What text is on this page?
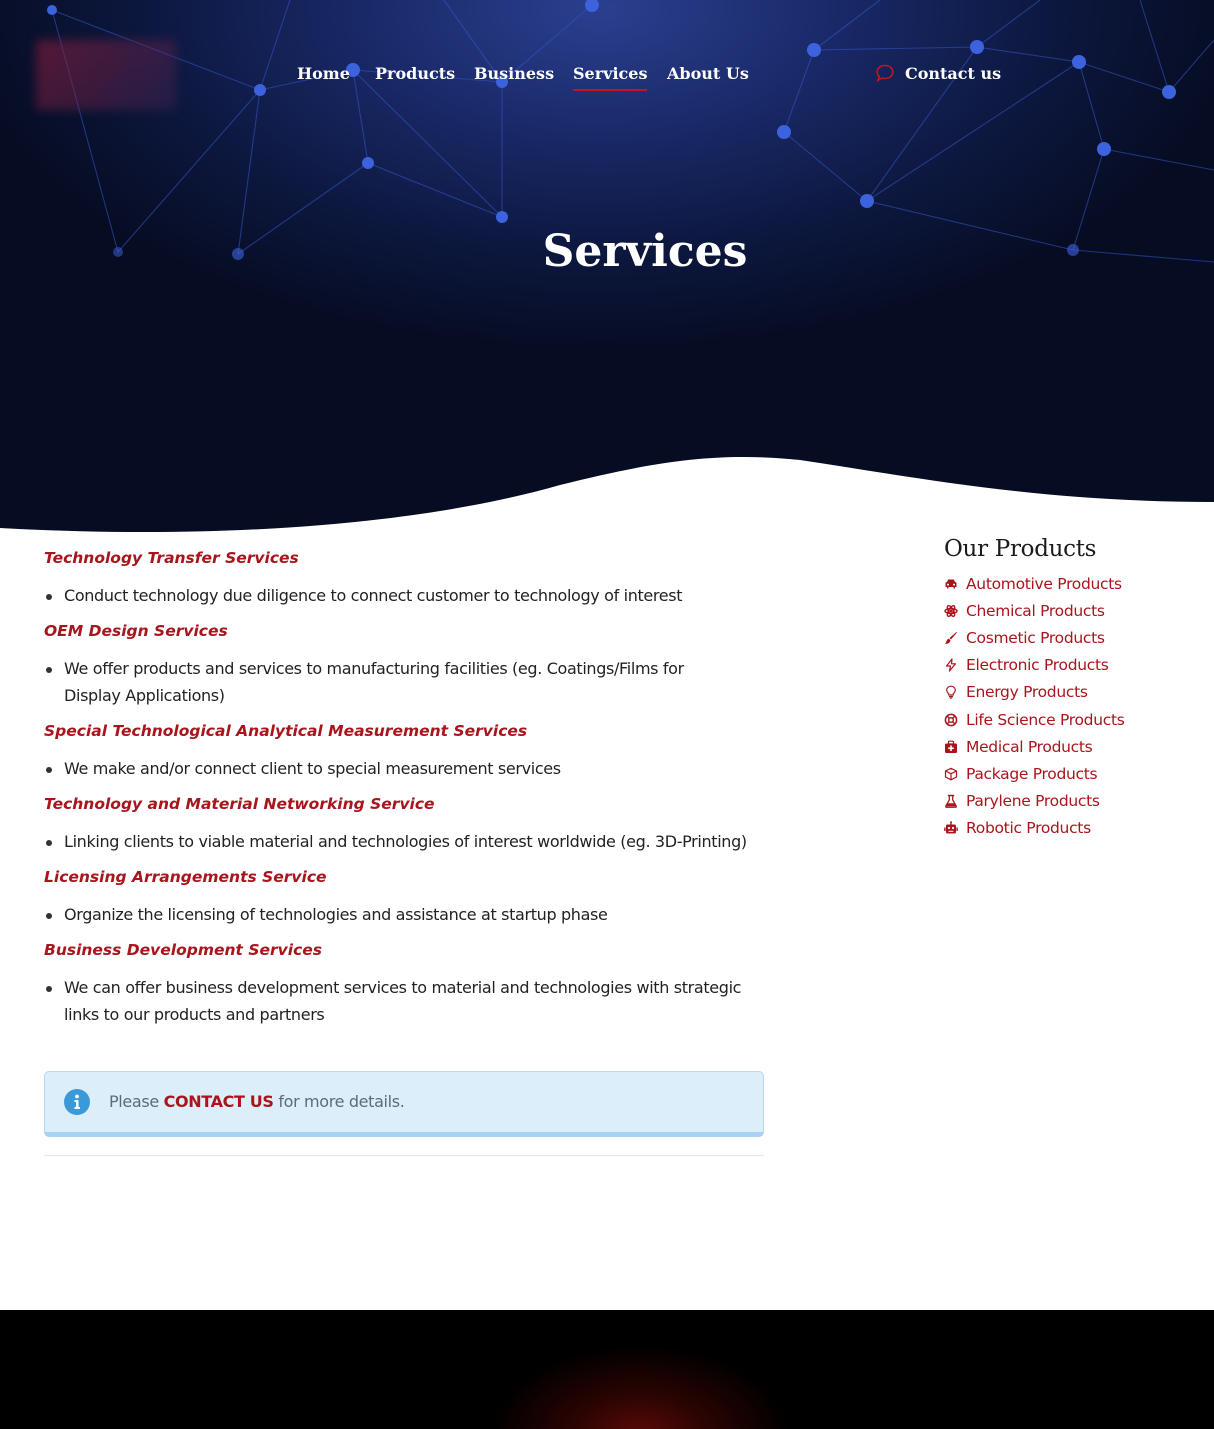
Home Products Business Services About Us	Contact us
Services
Technology Transfer Services
Conduct technology due diligence to connect customer to technology of interest
OEM Design Services
We offer products and services to manufacturing facilities (eg. Coatings/Films for Display Applications)
Special Technological Analytical Measurement Services
We make and/or connect client to special measurement services
Technology and Material Networking Service
Linking clients to viable material and technologies of interest worldwide (eg. 3D-Printing)
Licensing Arrangements Service
Organize the licensing of technologies and assistance at startup phase
Business Development Services
We can offer business development services to material and technologies with strategic links to our products and partners

Please CONTACT US for more details.

Our Products
Automotive Products
Chemical Products
Cosmetic Products
Electronic Products
Energy Products
Life Science Products
Medical Products
Package Products
Parylene Products
Robotic Products
